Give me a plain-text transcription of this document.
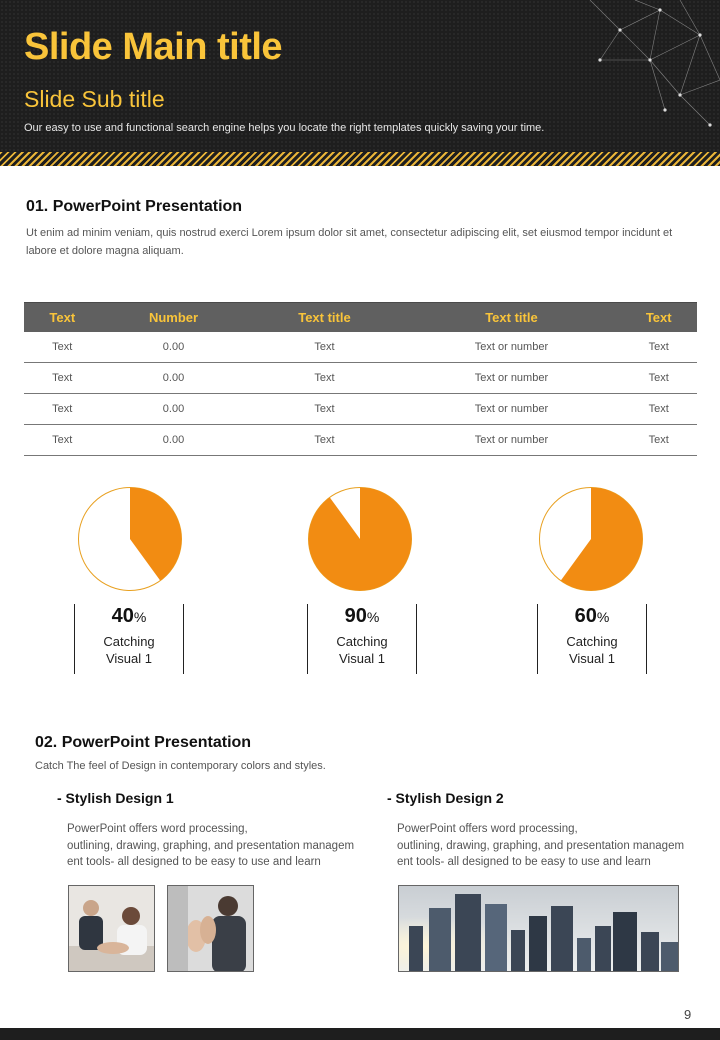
Slide Main title
Slide Sub title
Our easy to use and functional search engine helps you locate the right templates quickly saving your time.
01. PowerPoint Presentation
Ut enim ad minim veniam, quis nostrud exerci Lorem ipsum dolor sit amet, consectetur adipiscing elit, set eiusmod tempor incidunt et labore et dolore magna aliquam.
Text	Number	Text title	Text title	Text
Text	0.00	Text	Text or number	Text
Text	0.00	Text	Text or number	Text
Text	0.00	Text	Text or number	Text
Text	0.00	Text	Text or number	Text
40%
Catching
Visual 1
90%
Catching
Visual 1
60%
Catching
Visual 1
02. PowerPoint Presentation
Catch The feel of Design in contemporary colors and styles.
- Stylish Design 1
PowerPoint offers word processing,
outlining, drawing, graphing, and presentation managem
ent tools- all designed to be easy to use and learn
- Stylish Design 2
PowerPoint offers word processing,
outlining, drawing, graphing, and presentation managem
ent tools- all designed to be easy to use and learn
9
